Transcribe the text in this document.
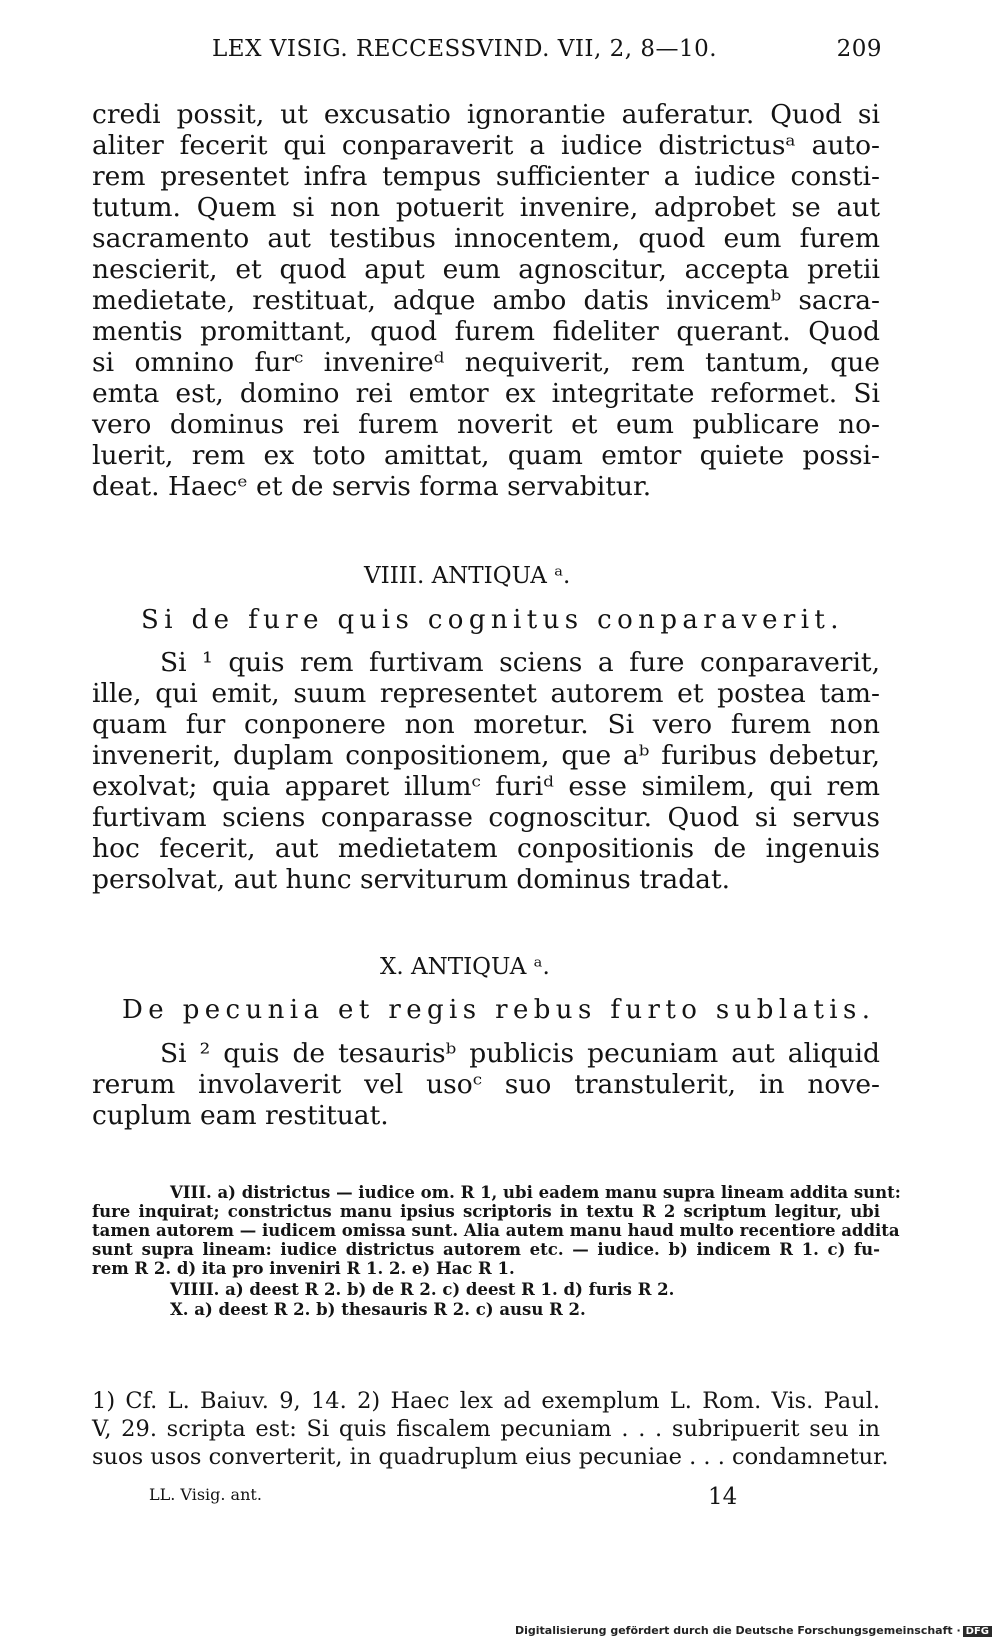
LEX VISIG. RECCESSVIND. VII, 2, 8—10.	209
credi possit, ut excusatio ignorantie auferatur. Quod si
aliter fecerit qui conparaverit a iudice districtusᵃ auto-
rem presentet infra tempus sufficienter a iudice consti-
tutum. Quem si non potuerit invenire, adprobet se aut
sacramento aut testibus innocentem, quod eum furem
nescierit, et quod aput eum agnoscitur, accepta pretii
medietate, restituat, adque ambo datis invicemᵇ sacra-
mentis promittant, quod furem fideliter querant. Quod
si omnino furᶜ invenireᵈ nequiverit, rem tantum, que
emta est, domino rei emtor ex integritate reformet. Si
vero dominus rei furem noverit et eum publicare no-
luerit, rem ex toto amittat, quam emtor quiete possi-
deat. Haecᵉ et de servis forma servabitur.
VIIII. ANTIQUA ᵃ.
Si de fure quis cognitus conparaverit.
Si ¹ quis rem furtivam sciens a fure conparaverit,
ille, qui emit, suum representet autorem et postea tam-
quam fur conponere non moretur. Si vero furem non
invenerit, duplam conpositionem, que aᵇ furibus debetur,
exolvat; quia apparet illumᶜ furiᵈ esse similem, qui rem
furtivam sciens conparasse cognoscitur. Quod si servus
hoc fecerit, aut medietatem conpositionis de ingenuis
persolvat, aut hunc serviturum dominus tradat.
X. ANTIQUA ᵃ.
De pecunia et regis rebus furto sublatis.
Si ² quis de tesaurisᵇ publicis pecuniam aut aliquid
rerum involaverit vel usoᶜ suo transtulerit, in nove-
cuplum eam restituat.
VIII. a) districtus — iudice om. R 1, ubi eadem manu supra lineam addita sunt:
fure inquirat; constrictus manu ipsius scriptoris in textu R 2 scriptum legitur, ubi
tamen autorem — iudicem omissa sunt. Alia autem manu haud multo recentiore addita
sunt supra lineam: iudice districtus autorem etc. — iudice. b) indicem R 1. c) fu-
rem R 2. d) ita pro inveniri R 1. 2. e) Hac R 1.
VIIII. a) deest R 2. b) de R 2. c) deest R 1. d) furis R 2.
X. a) deest R 2. b) thesauris R 2. c) ausu R 2.
1) Cf. L. Baiuv. 9, 14. 2) Haec lex ad exemplum L. Rom. Vis. Paul.
V, 29. scripta est: Si quis fiscalem pecuniam . . . subripuerit seu in
suos usos converterit, in quadruplum eius pecuniae . . . condamnetur.
LL. Visig. ant.	14
Digitalisierung gefördert durch die Deutsche Forschungsgemeinschaft · DFG
